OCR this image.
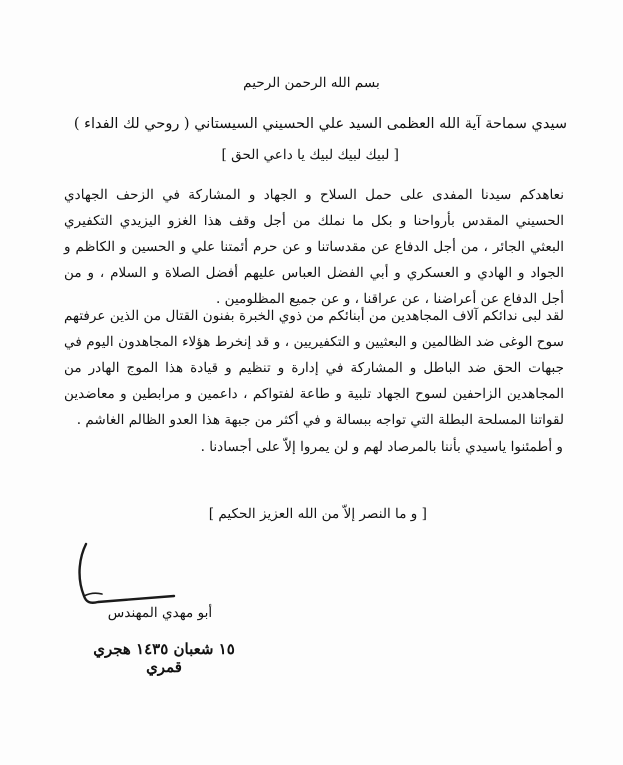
بسم الله الرحمن الرحيم

سيدي سماحة آية الله العظمى السيد علي الحسيني السيستاني ( روحي لك الفداء )

[ لبيك لبيك لبيك يا داعي الحق ]

نعاهدكم سيدنا المفدى على حمل السلاح و الجهاد و المشاركة في الزحف الجهادي الحسيني المقدس بأرواحنا و بكل ما نملك من أجل وقف هذا الغزو اليزيدي التكفيري البعثي الجائر ، من أجل الدفاع عن مقدساتنا و عن حرم أئمتنا علي و الحسين و الكاظم و الجواد و الهادي و العسكري و أبي الفضل العباس عليهم أفضل الصلاة و السلام ، و من أجل الدفاع عن أعراضنا ، عن عراقنا ، و عن جميع المظلومين .

لقد لبى ندائكم آلاف المجاهدين من أبنائكم من ذوي الخبرة بفنون القتال من الذين عرفتهم سوح الوغى ضد الظالمين و البعثيين و التكفيريين ، و قد إنخرط هؤلاء المجاهدون اليوم في جبهات الحق ضد الباطل و المشاركة في إدارة و تنظيم و قيادة هذا الموج الهادر من المجاهدين الزاحفين لسوح الجهاد تلبية و طاعة لفتواكم ، داعمين و مرابطين و معاضدين لقواتنا المسلحة البطلة التي تواجه ببسالة و في أكثر من جبهة هذا العدو الظالم الغاشم .

و أطمئنوا ياسيدي بأننا بالمرصاد لهم و لن يمروا إلاّ على أجسادنا .

[ و ما النصر إلاّ من الله العزيز الحكيم ]

أبو مهدي المهندس
١٥ شعبان ١٤٣٥ هجري قمري
